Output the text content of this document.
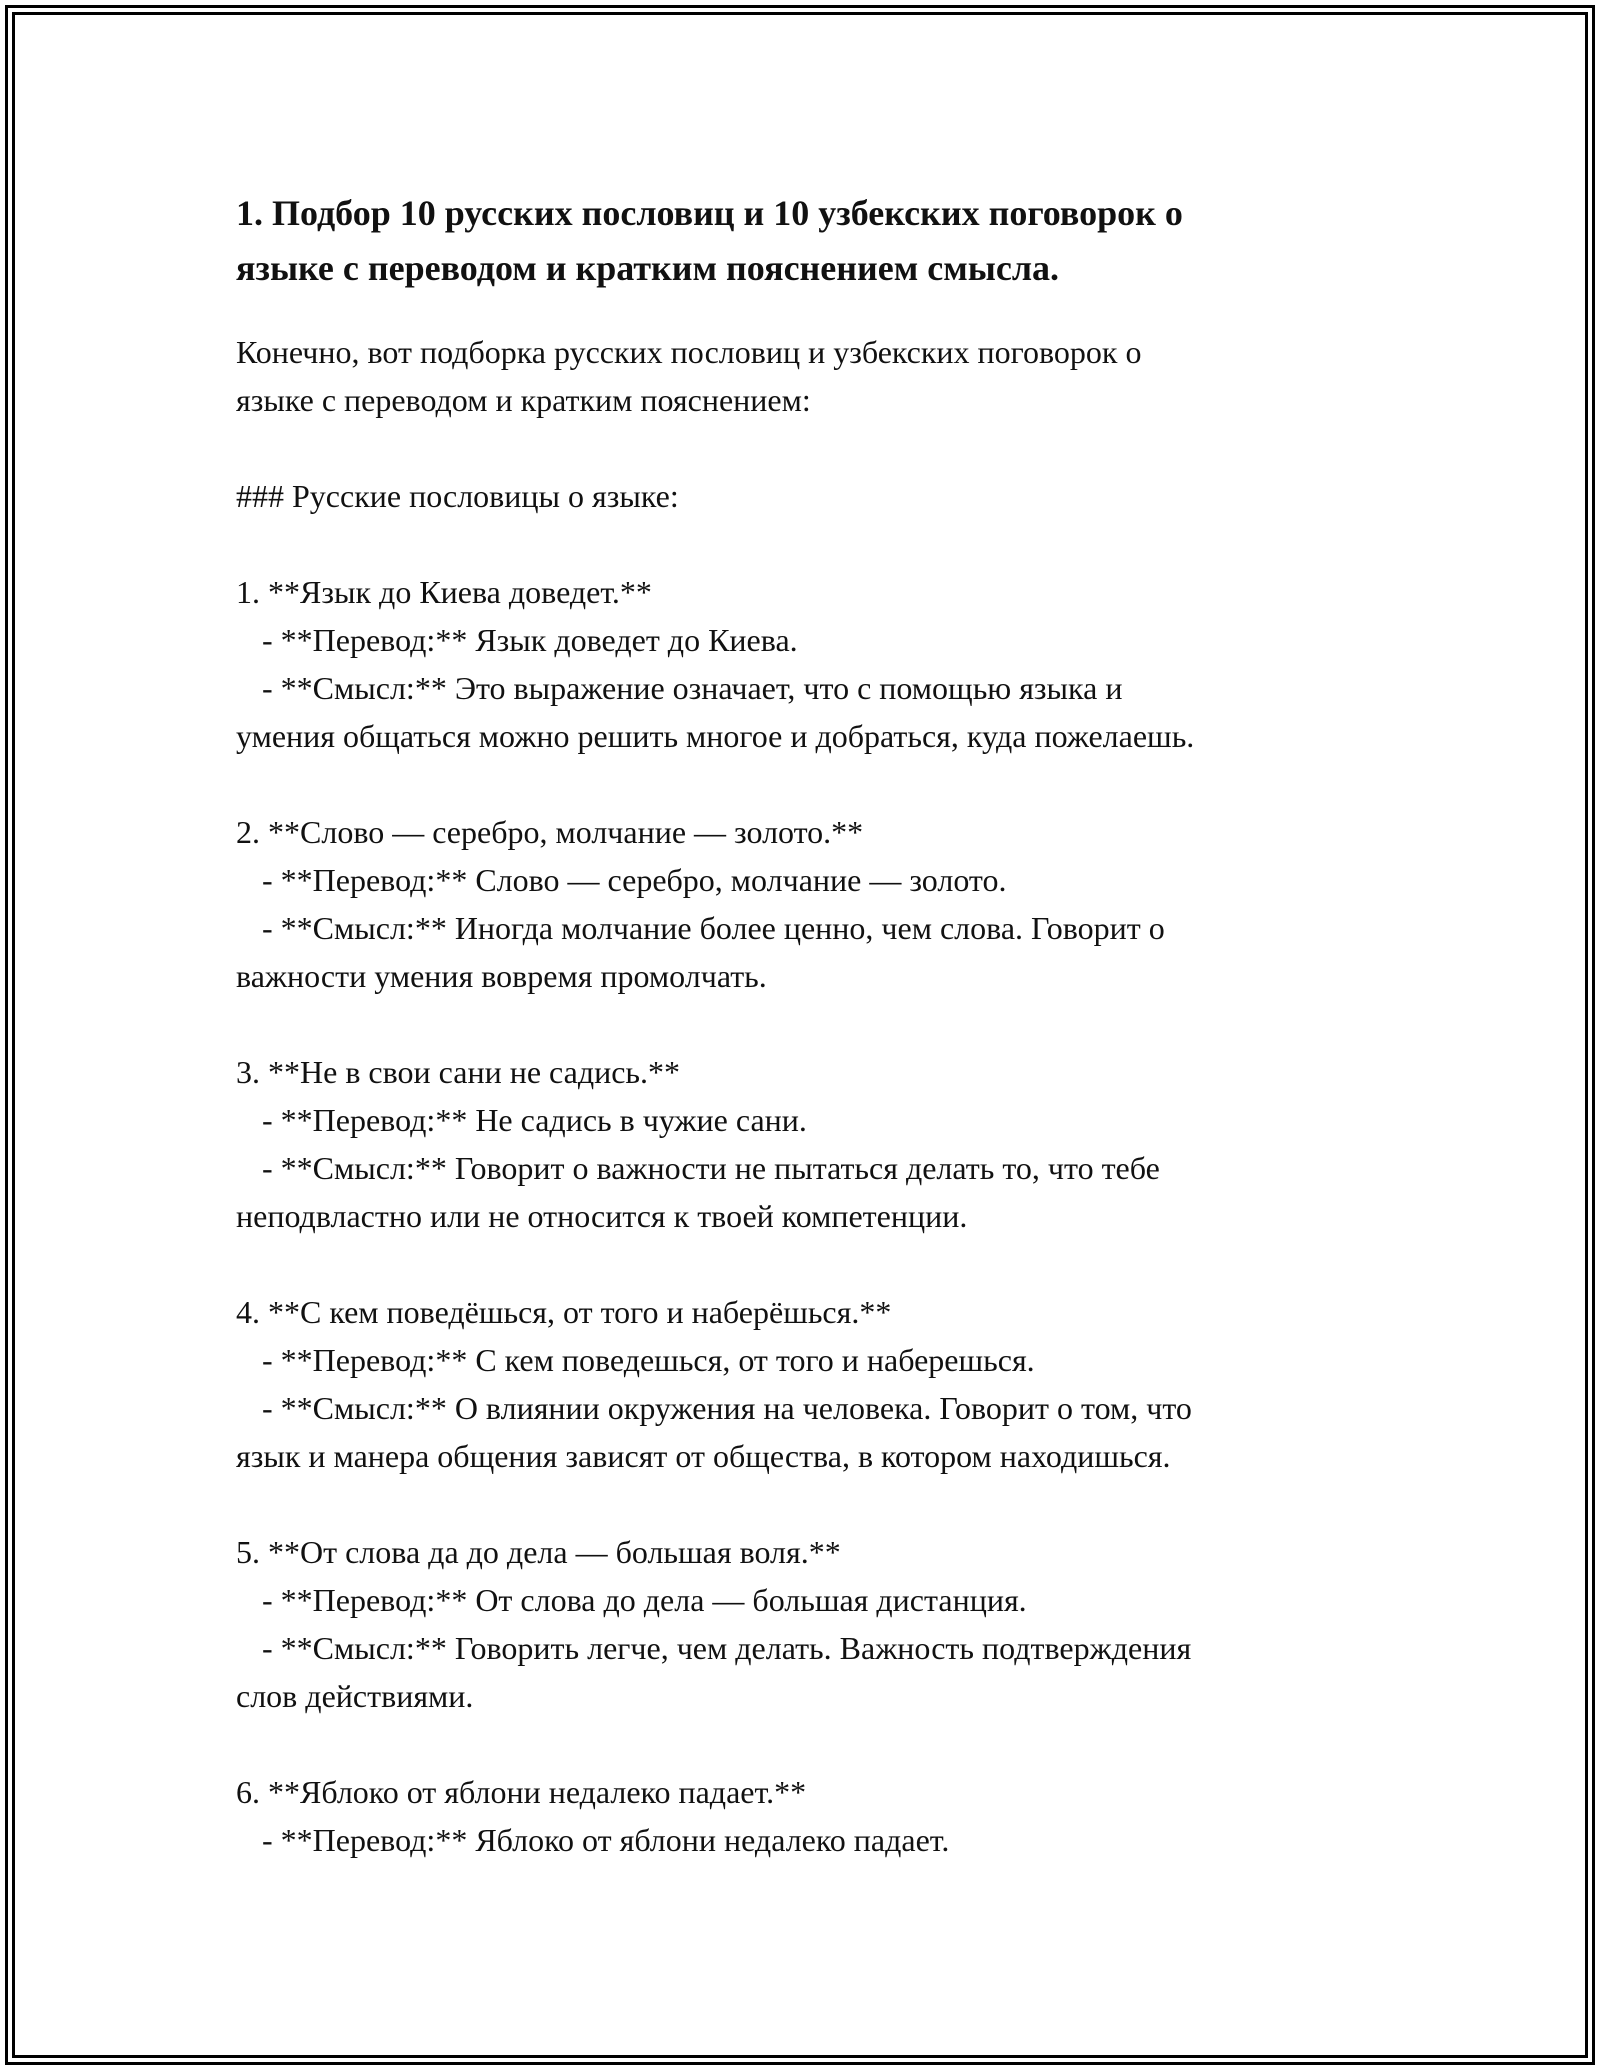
1. Подбор 10 русских пословиц и 10 узбекских поговорок о
языке с переводом и кратким пояснением смысла.

Конечно, вот подборка русских пословиц и узбекских поговорок о
языке с переводом и кратким пояснением:

### Русские пословицы о языке:

1. **Язык до Киева доведет.**

- **Перевод:** Язык доведет до Киева.

- **Смысл:** Это выражение означает, что с помощью языка и

умения общаться можно решить многое и добраться, куда пожелаешь.

2. **Слово — серебро, молчание — золото.**

- **Перевод:** Слово — серебро, молчание — золото.

- **Смысл:** Иногда молчание более ценно, чем слова. Говорит о

важности умения вовремя промолчать.

3. **Не в свои сани не садись.**

- **Перевод:** Не садись в чужие сани.

- **Смысл:** Говорит о важности не пытаться делать то, что тебе

неподвластно или не относится к твоей компетенции.

4. **С кем поведёшься, от того и наберёшься.**

- **Перевод:** С кем поведешься, от того и наберешься.

- **Смысл:** О влиянии окружения на человека. Говорит о том, что

язык и манера общения зависят от общества, в котором находишься.

5. **От слова да до дела — большая воля.**

- **Перевод:** От слова до дела — большая дистанция.

- **Смысл:** Говорить легче, чем делать. Важность подтверждения

слов действиями.

6. **Яблоко от яблони недалеко падает.**

- **Перевод:** Яблоко от яблони недалеко падает.
